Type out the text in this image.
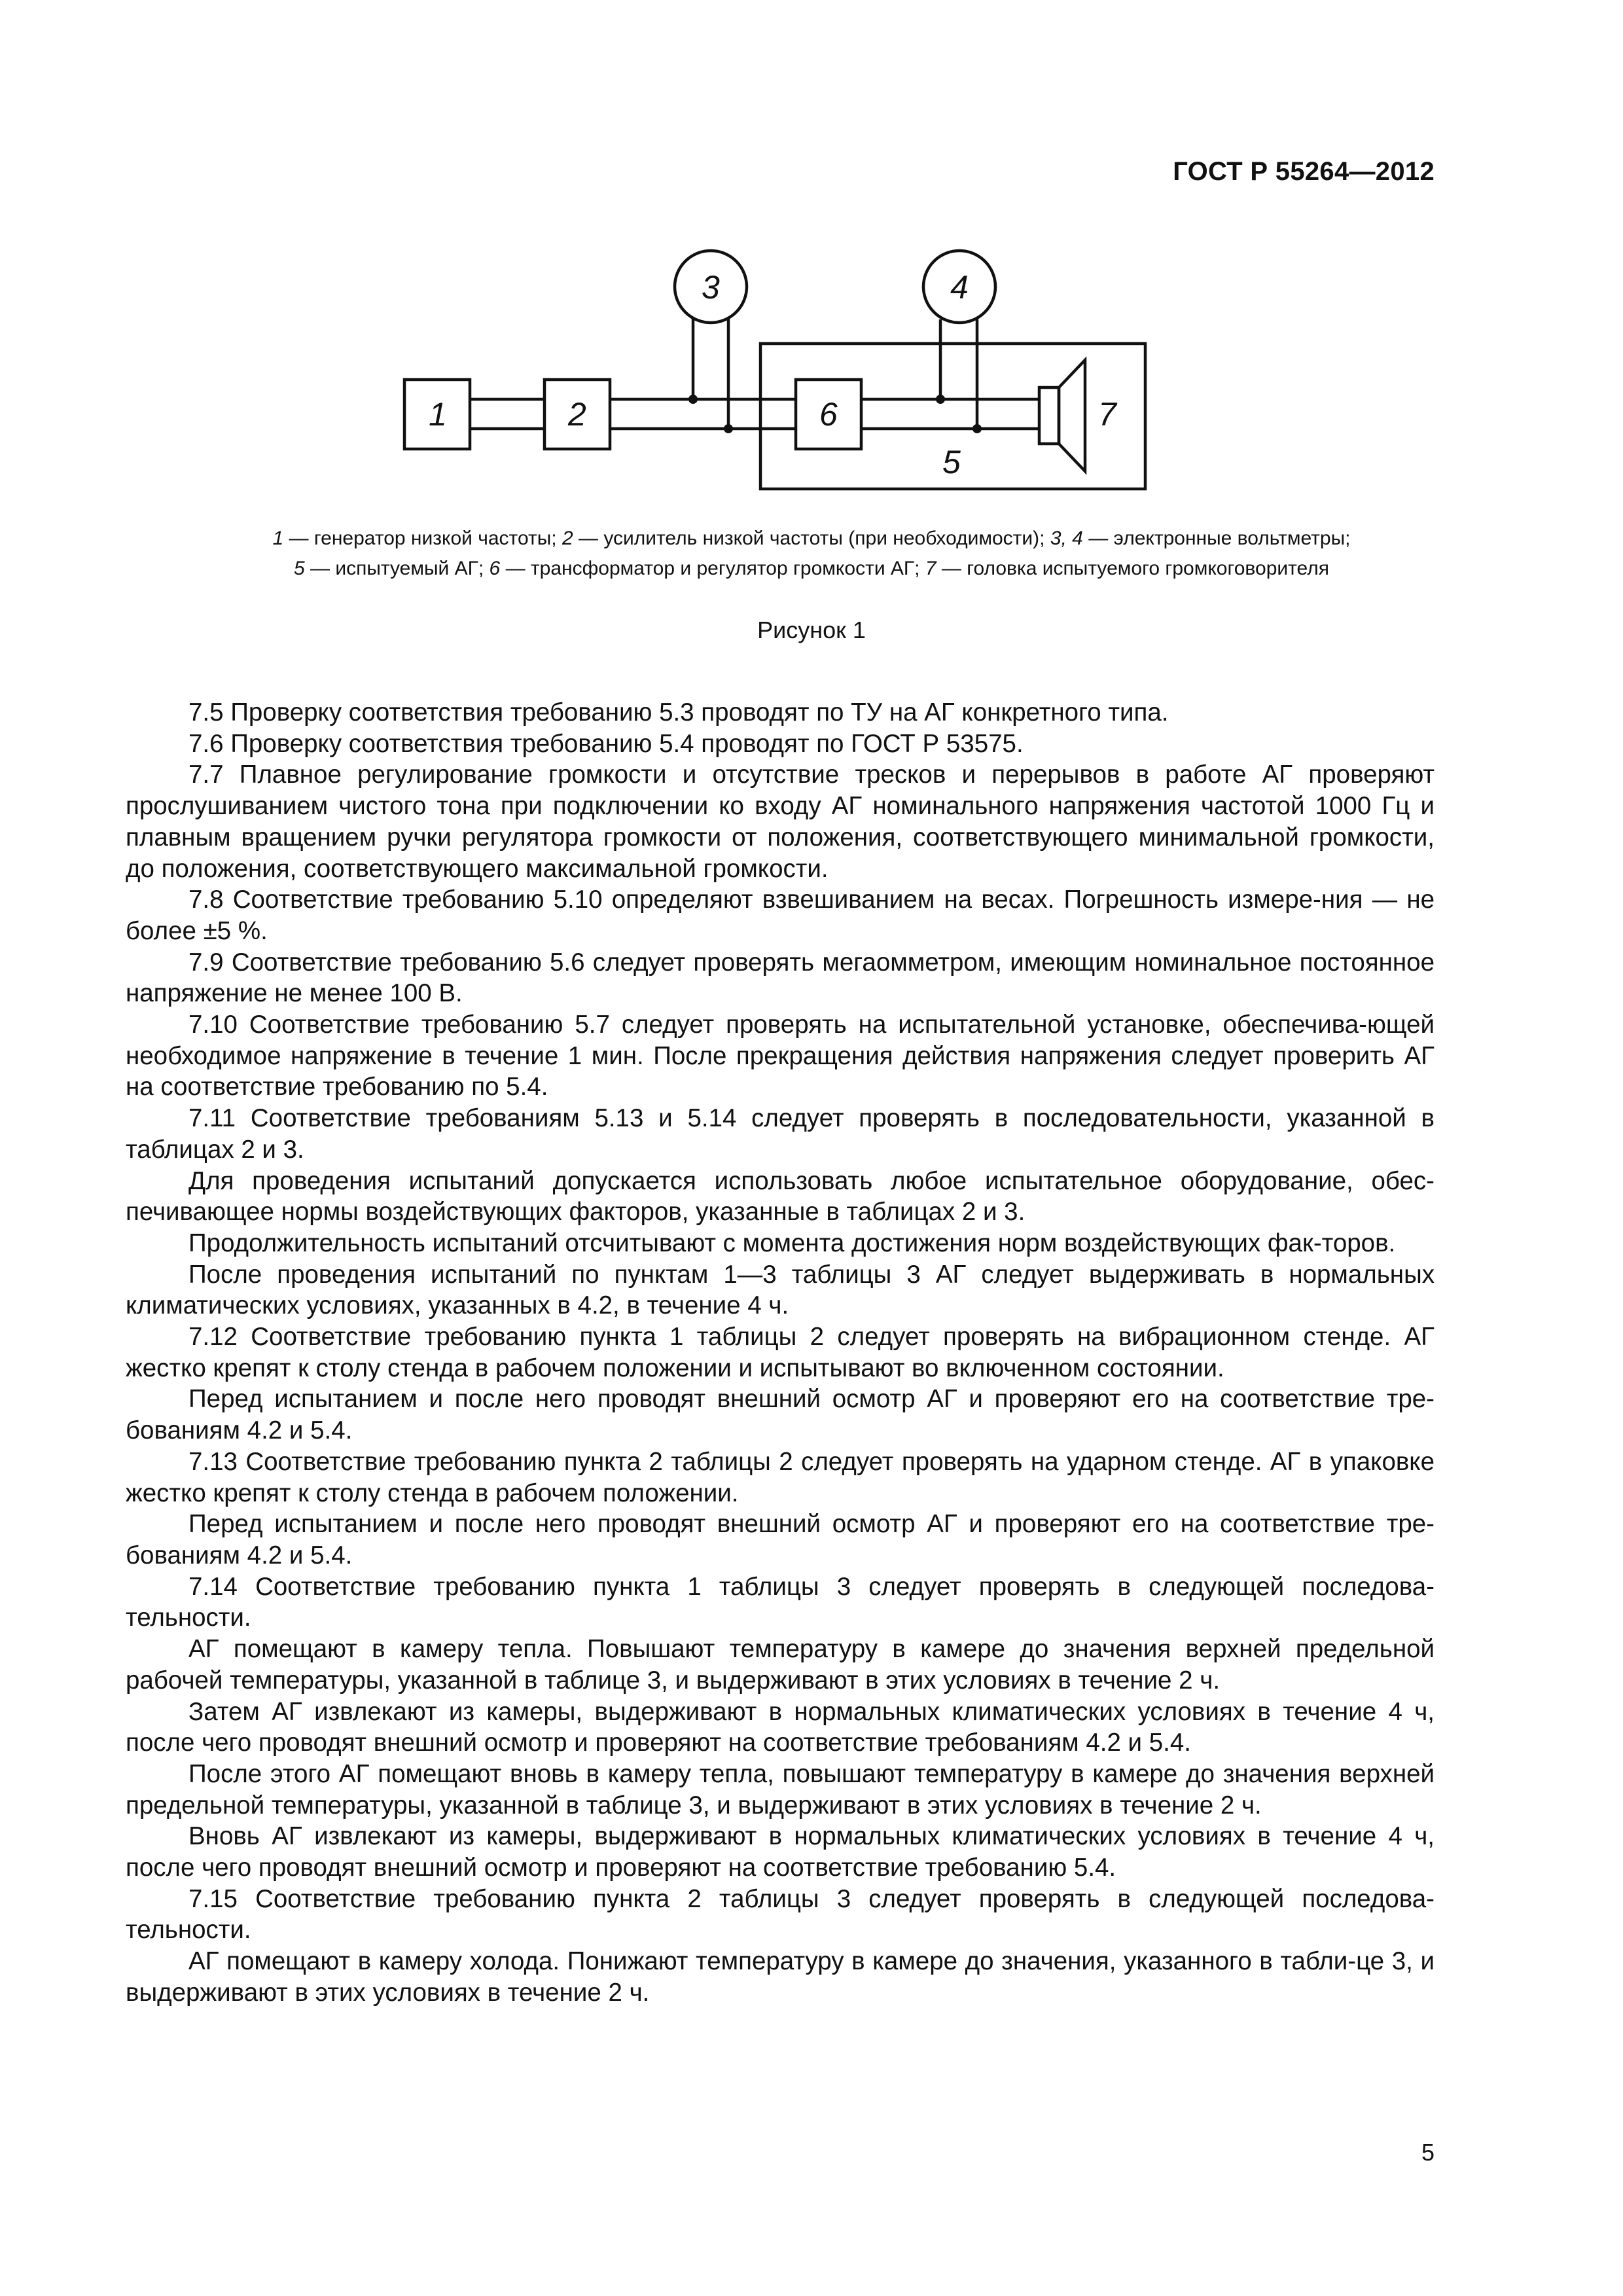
ГОСТ Р 55264—2012
1	2
3	4
5
6	7
1 — генератор низкой частоты; 2 — усилитель низкой частоты (при необходимости); 3, 4 — электронные вольтметры;
5 — испытуемый АГ; 6 — трансформатор и регулятор громкости АГ; 7 — головка испытуемого громкоговорителя
Рисунок 1

7.5 Проверку соответствия требованию 5.3 проводят по ТУ на АГ конкретного типа.

7.6 Проверку соответствия требованию 5.4 проводят по ГОСТ Р 53575.

7.7 Плавное регулирование громкости и отсутствие тресков и перерывов в работе АГ проверяют прослушиванием чистого тона при подключении ко входу АГ номинального напряжения частотой 1000 Гц и плавным вращением ручки регулятора громкости от положения, соответствующего минимальной громкости, до положения, соответствующего максимальной громкости.

7.8 Соответствие требованию 5.10 определяют взвешиванием на весах. Погрешность измере-ния — не более ±5 %.

7.9 Соответствие требованию 5.6 следует проверять мегаомметром, имеющим номинальное постоянное напряжение не менее 100 В.

7.10 Соответствие требованию 5.7 следует проверять на испытательной установке, обеспечива-ющей необходимое напряжение в течение 1 мин. После прекращения действия напряжения следует проверить АГ на соответствие требованию по 5.4.

7.11 Соответствие требованиям 5.13 и 5.14 следует проверять в последовательности, указанной в таблицах 2 и 3.

Для проведения испытаний допускается использовать любое испытательное оборудование, обес-печивающее нормы воздействующих факторов, указанные в таблицах 2 и 3.

Продолжительность испытаний отсчитывают с момента достижения норм воздействующих фак-торов.

После проведения испытаний по пунктам 1—3 таблицы 3 АГ следует выдерживать в нормальных климатических условиях, указанных в 4.2, в течение 4 ч.

7.12 Соответствие требованию пункта 1 таблицы 2 следует проверять на вибрационном стенде. АГ жестко крепят к столу стенда в рабочем положении и испытывают во включенном состоянии.

Перед испытанием и после него проводят внешний осмотр АГ и проверяют его на соответствие тре-бованиям 4.2 и 5.4.

7.13 Соответствие требованию пункта 2 таблицы 2 следует проверять на ударном стенде. АГ в упаковке жестко крепят к столу стенда в рабочем положении.

Перед испытанием и после него проводят внешний осмотр АГ и проверяют его на соответствие тре-бованиям 4.2 и 5.4.

7.14 Соответствие требованию пункта 1 таблицы 3 следует проверять в следующей последова-тельности.

АГ помещают в камеру тепла. Повышают температуру в камере до значения верхней предельной рабочей температуры, указанной в таблице 3, и выдерживают в этих условиях в течение 2 ч.

Затем АГ извлекают из камеры, выдерживают в нормальных климатических условиях в течение 4 ч, после чего проводят внешний осмотр и проверяют на соответствие требованиям 4.2 и 5.4.

После этого АГ помещают вновь в камеру тепла, повышают температуру в камере до значения верхней предельной температуры, указанной в таблице 3, и выдерживают в этих условиях в течение 2 ч.

Вновь АГ извлекают из камеры, выдерживают в нормальных климатических условиях в течение 4 ч, после чего проводят внешний осмотр и проверяют на соответствие требованию 5.4.

7.15 Соответствие требованию пункта 2 таблицы 3 следует проверять в следующей последова-тельности.

АГ помещают в камеру холода. Понижают температуру в камере до значения, указанного в табли-це 3, и выдерживают в этих условиях в течение 2 ч.

5
